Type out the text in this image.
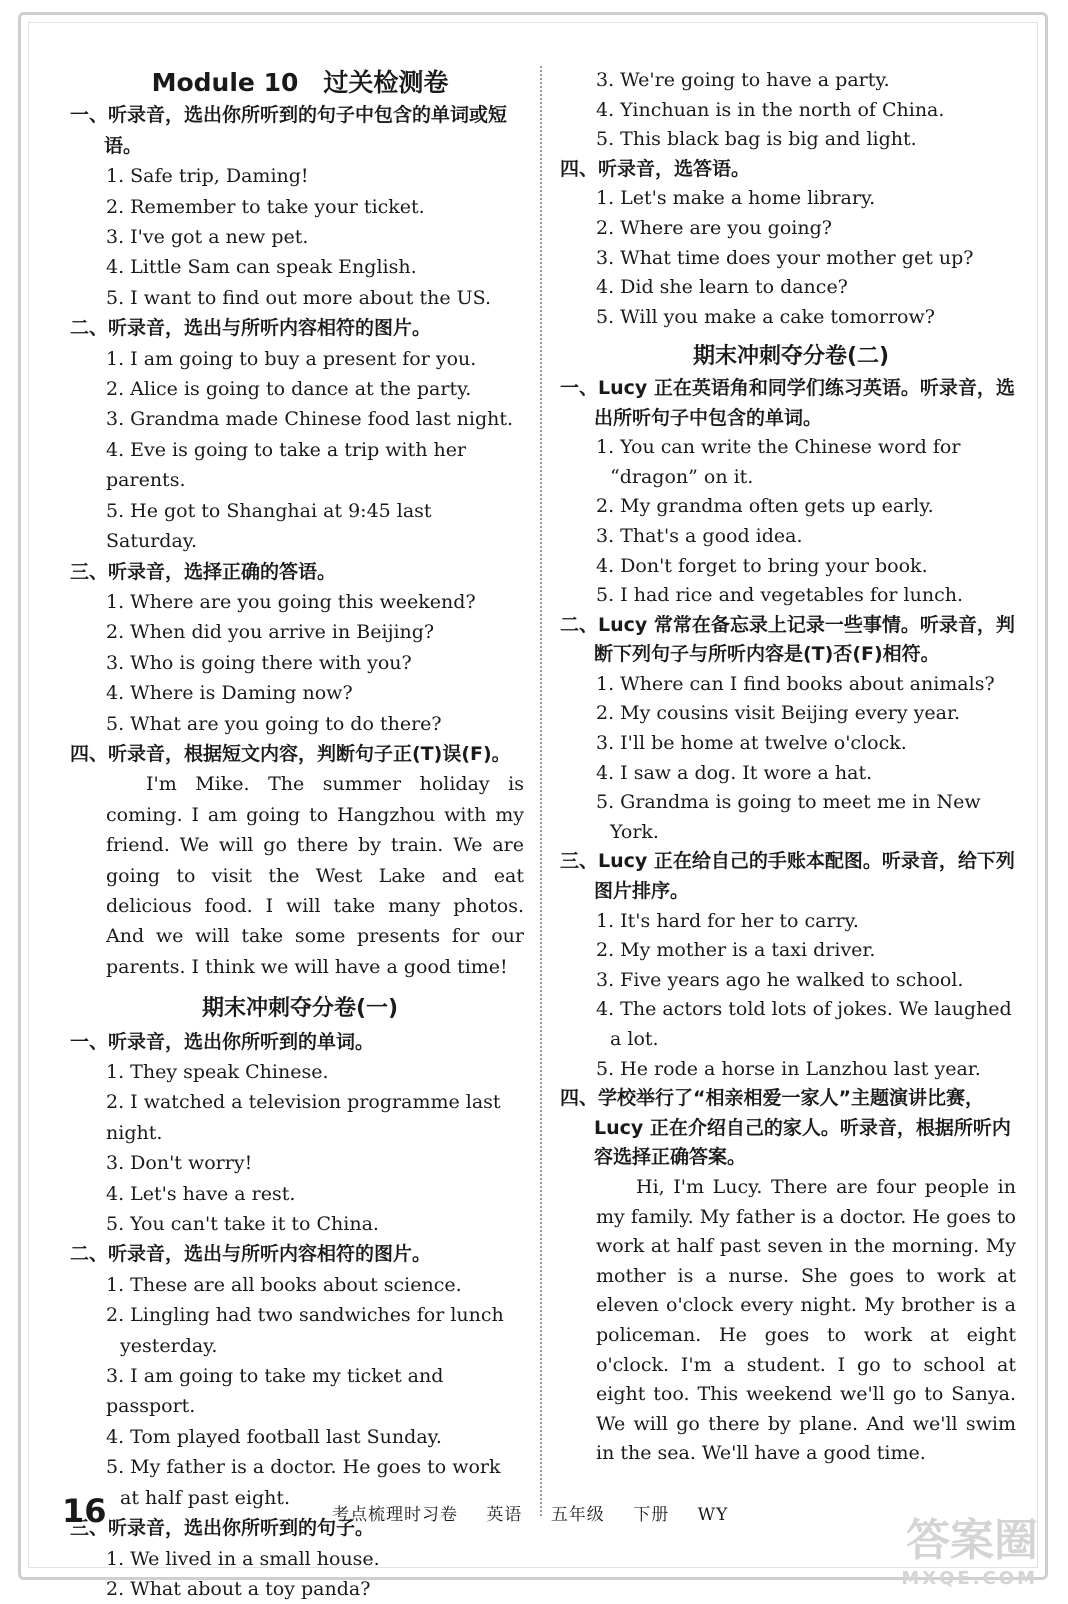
Module 10　过关检测卷
一、听录音，选出你所听到的句子中包含的单词或短语。
1. Safe trip, Daming!
2. Remember to take your ticket.
3. I've got a new pet.
4. Little Sam can speak English.
5. I want to find out more about the US.
二、听录音，选出与所听内容相符的图片。
1. I am going to buy a present for you.
2. Alice is going to dance at the party.
3. Grandma made Chinese food last night.
4. Eve is going to take a trip with her parents.
5. He got to Shanghai at 9:45 last Saturday.
三、听录音，选择正确的答语。
1. Where are you going this weekend?
2. When did you arrive in Beijing?
3. Who is going there with you?
4. Where is Daming now?
5. What are you going to do there?
四、听录音，根据短文内容，判断句子正(T)误(F)。
I'm Mike. The summer holiday is coming. I am going to Hangzhou with my friend. We will go there by train. We are going to visit the West Lake and eat delicious food. I will take many photos. And we will take some presents for our parents. I think we will have a good time!
期末冲刺夺分卷(一)
一、听录音，选出你所听到的单词。
1. They speak Chinese.
2. I watched a television programme last night.
3. Don't worry!
4. Let's have a rest.
5. You can't take it to China.
二、听录音，选出与所听内容相符的图片。
1. These are all books about science.
2. Lingling had two sandwiches for lunch yesterday.
3. I am going to take my ticket and passport.
4. Tom played football last Sunday.
5. My father is a doctor. He goes to work at half past eight.
三、听录音，选出你所听到的句子。
1. We lived in a small house.
2. What about a toy panda?
3. We're going to have a party.
4. Yinchuan is in the north of China.
5. This black bag is big and light.
四、听录音，选答语。
1. Let's make a home library.
2. Where are you going?
3. What time does your mother get up?
4. Did she learn to dance?
5. Will you make a cake tomorrow?
期末冲刺夺分卷(二)
一、Lucy 正在英语角和同学们练习英语。听录音，选出所听句子中包含的单词。
1. You can write the Chinese word for “dragon” on it.
2. My grandma often gets up early.
3. That's a good idea.
4. Don't forget to bring your book.
5. I had rice and vegetables for lunch.
二、Lucy 常常在备忘录上记录一些事情。听录音，判断下列句子与所听内容是(T)否(F)相符。
1. Where can I find books about animals?
2. My cousins visit Beijing every year.
3. I'll be home at twelve o'clock.
4. I saw a dog. It wore a hat.
5. Grandma is going to meet me in New York.
三、Lucy 正在给自己的手账本配图。听录音，给下列图片排序。
1. It's hard for her to carry.
2. My mother is a taxi driver.
3. Five years ago he walked to school.
4. The actors told lots of jokes. We laughed a lot.
5. He rode a horse in Lanzhou last year.
四、学校举行了“相亲相爱一家人”主题演讲比赛，Lucy 正在介绍自己的家人。听录音，根据所听内容选择正确答案。
Hi, I'm Lucy. There are four people in my family. My father is a doctor. He goes to work at half past seven in the morning. My mother is a nurse. She goes to work at eleven o'clock every night. My brother is a policeman. He goes to work at eight o'clock. I'm a student. I go to school at eight too. This weekend we'll go to Sanya. We will go there by plane. And we'll swim in the sea. We'll have a good time.
16	考点梳理时习卷 英语 五年级 下册 WY	答案圈
MXQE.COM
